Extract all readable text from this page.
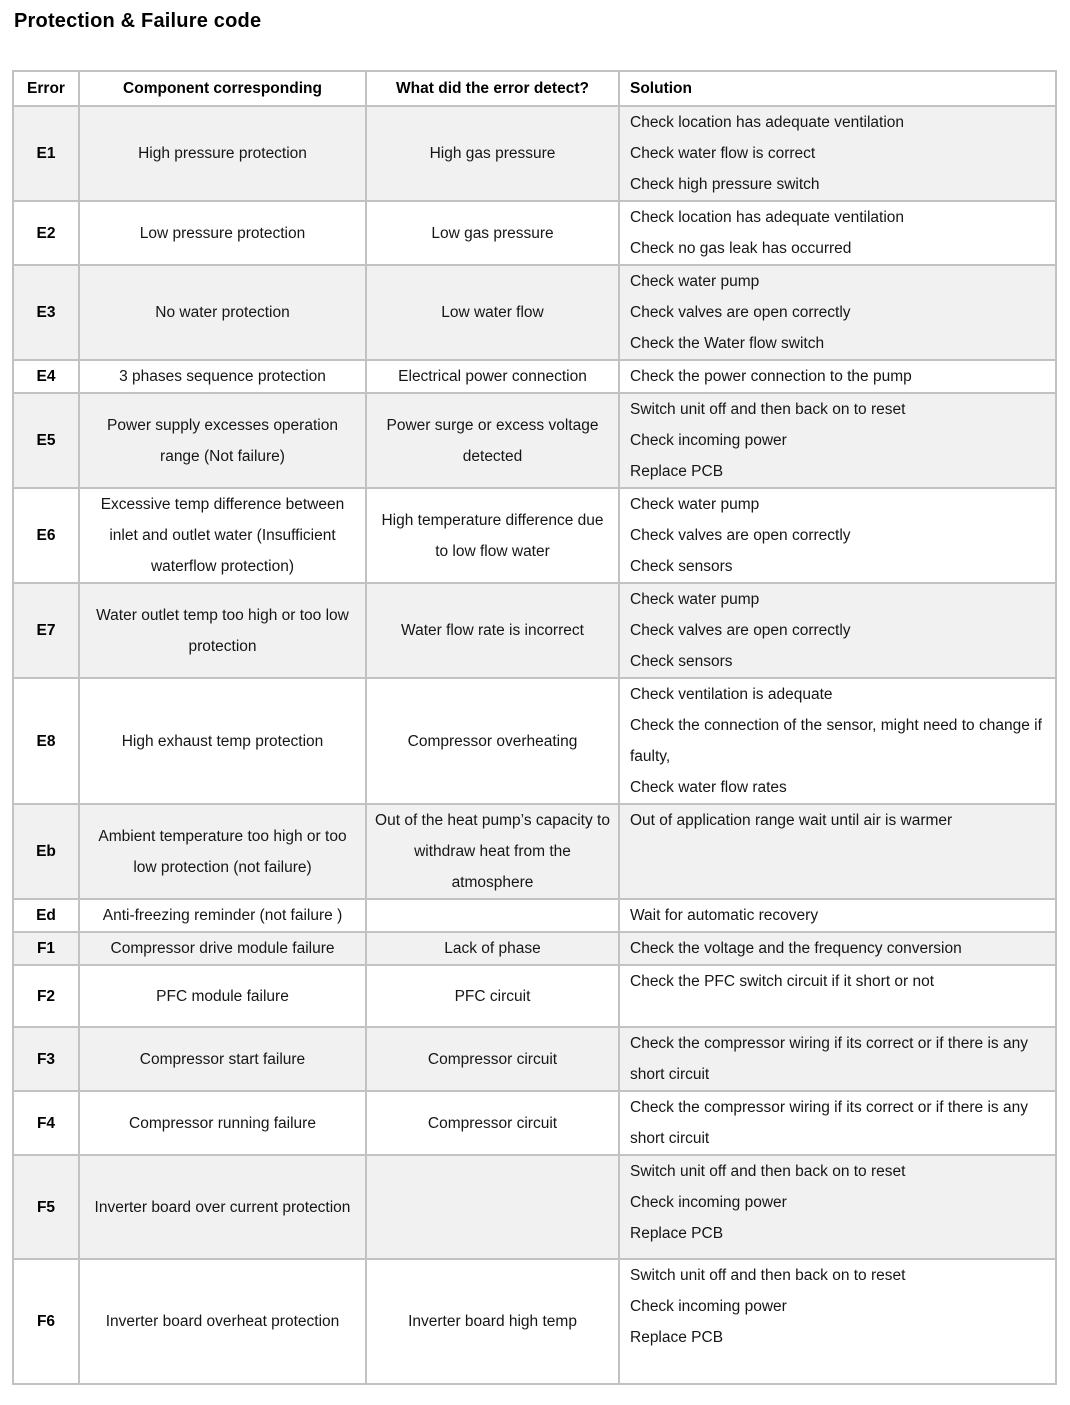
Protection & Failure code
Error	Component corresponding	What did the error detect?	Solution
E1	High pressure protection	High gas pressure	Check location has adequate ventilation
Check water flow is correct
Check high pressure switch

E2	Low pressure protection	Low gas pressure	Check location has adequate ventilation
Check no gas leak has occurred

E3	No water protection	Low water flow	Check water pump
Check valves are open correctly
Check the Water flow switch

E4	3 phases sequence protection	Electrical power connection	Check the power connection to the pump

E5	Power supply excesses operation range (Not failure)	Power surge or excess voltage detected	Switch unit off and then back on to reset
Check incoming power
Replace PCB

E6	Excessive temp difference between inlet and outlet water (Insufficient waterflow protection)	High temperature difference due to low flow water	Check water pump
Check valves are open correctly
Check sensors

E7	Water outlet temp too high or too low protection	Water flow rate is incorrect	Check water pump
Check valves are open correctly
Check sensors

E8	High exhaust temp protection	Compressor overheating	Check ventilation is adequate
Check the connection of the sensor, might need to change if faulty,
Check water flow rates

Eb	Ambient temperature too high or too low protection (not failure)	Out of the heat pump’s capacity to withdraw heat from the atmosphere	Out of application range wait until air is warmer

Ed	Anti-freezing reminder (not failure )		Wait for automatic recovery

F1	Compressor drive module failure	Lack of phase	Check the voltage and the frequency conversion

F2	PFC module failure	PFC circuit	Check the PFC switch circuit if it short or not

F3	Compressor start failure	Compressor circuit	Check the compressor wiring if its correct or if there is any short circuit

F4	Compressor running failure	Compressor circuit	Check the compressor wiring if its correct or if there is any short circuit

F5	Inverter board over current protection		Switch unit off and then back on to reset
Check incoming power
Replace PCB

F6	Inverter board overheat protection	Inverter board high temp	Switch unit off and then back on to reset
Check incoming power
Replace PCB
